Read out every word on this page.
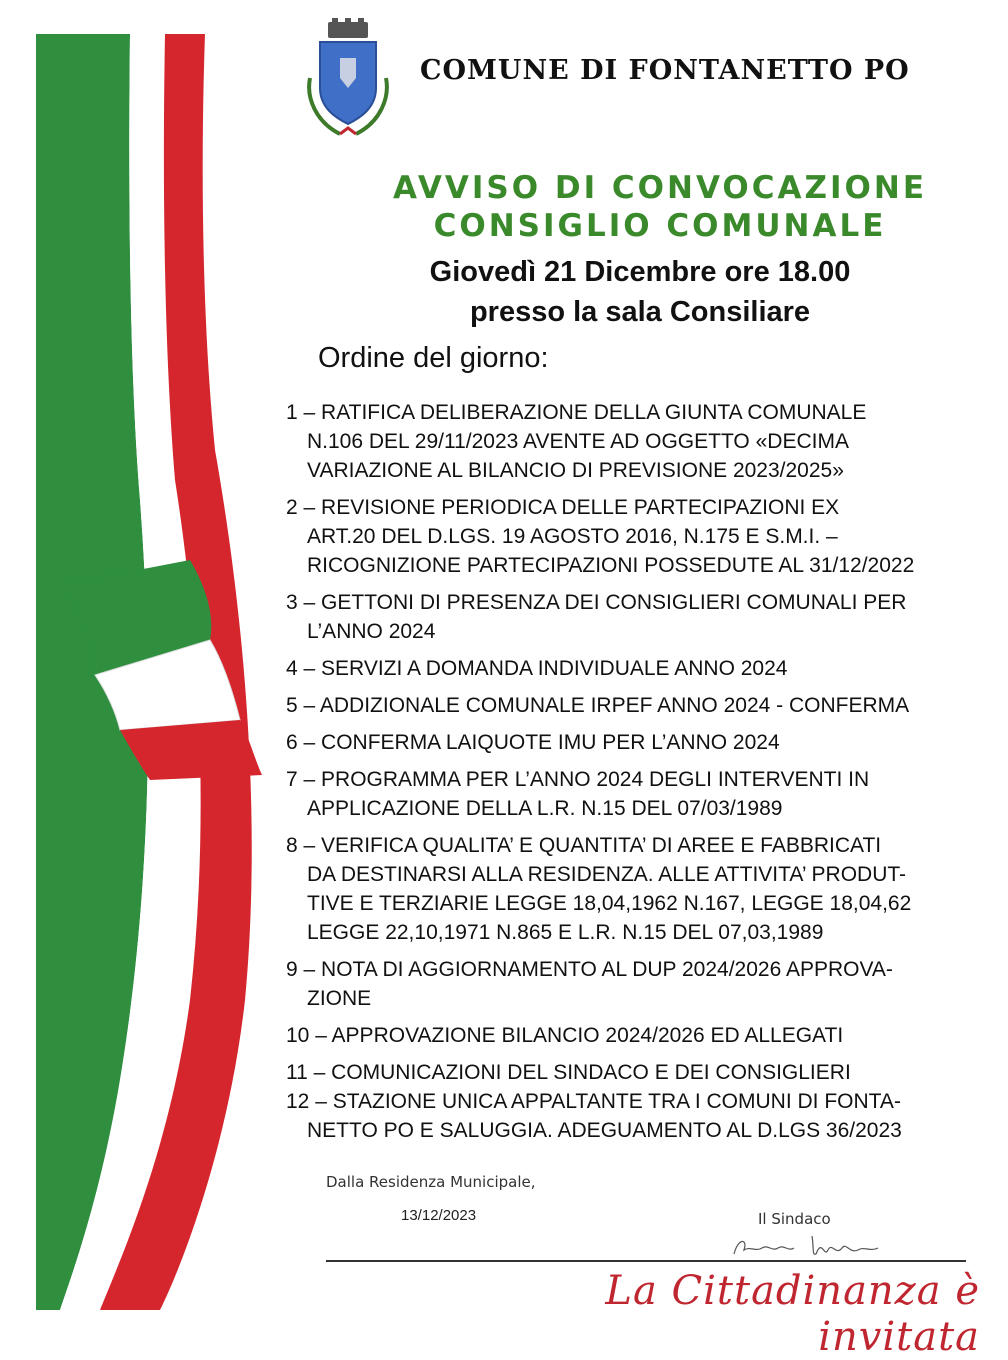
COMUNE DI FONTANETTO PO
AVVISO DI CONVOCAZIONE
CONSIGLIO COMUNALE
Giovedì 21 Dicembre ore 18.00
presso la sala Consiliare
Ordine del giorno:
1 – RATIFICA DELIBERAZIONE DELLA GIUNTA COMUNALE
N.106 DEL 29/11/2023 AVENTE AD OGGETTO «DECIMA
VARIAZIONE AL BILANCIO DI PREVISIONE 2023/2025»
2 – REVISIONE PERIODICA DELLE PARTECIPAZIONI EX
ART.20 DEL D.LGS. 19 AGOSTO 2016, N.175 E S.M.I. –
RICOGNIZIONE PARTECIPAZIONI POSSEDUTE AL 31/12/2022
3 – GETTONI DI PRESENZA DEI CONSIGLIERI COMUNALI PER
L’ANNO 2024
4 – SERVIZI A DOMANDA INDIVIDUALE ANNO 2024
5 – ADDIZIONALE COMUNALE IRPEF ANNO 2024 - CONFERMA
6 – CONFERMA LAIQUOTE IMU PER L’ANNO 2024
7 – PROGRAMMA PER L’ANNO 2024 DEGLI INTERVENTI IN
APPLICAZIONE DELLA L.R. N.15 DEL 07/03/1989
8 – VERIFICA QUALITA’ E QUANTITA’ DI AREE E FABBRICATI
DA DESTINARSI ALLA RESIDENZA. ALLE ATTIVITA’ PRODUT-
TIVE E TERZIARIE LEGGE 18,04,1962 N.167, LEGGE 18,04,62
LEGGE 22,10,1971 N.865 E L.R. N.15 DEL 07,03,1989
9 – NOTA DI AGGIORNAMENTO AL DUP 2024/2026 APPROVA-
ZIONE
10 – APPROVAZIONE BILANCIO 2024/2026 ED ALLEGATI
11 – COMUNICAZIONI DEL SINDACO E DEI CONSIGLIERI
12 – STAZIONE UNICA APPALTANTE TRA I COMUNI DI FONTA-
NETTO PO E SALUGGIA. ADEGUAMENTO AL D.LGS 36/2023
Dalla Residenza Municipale,
13/12/2023	Il Sindaco
La Cittadinanza è invitata
